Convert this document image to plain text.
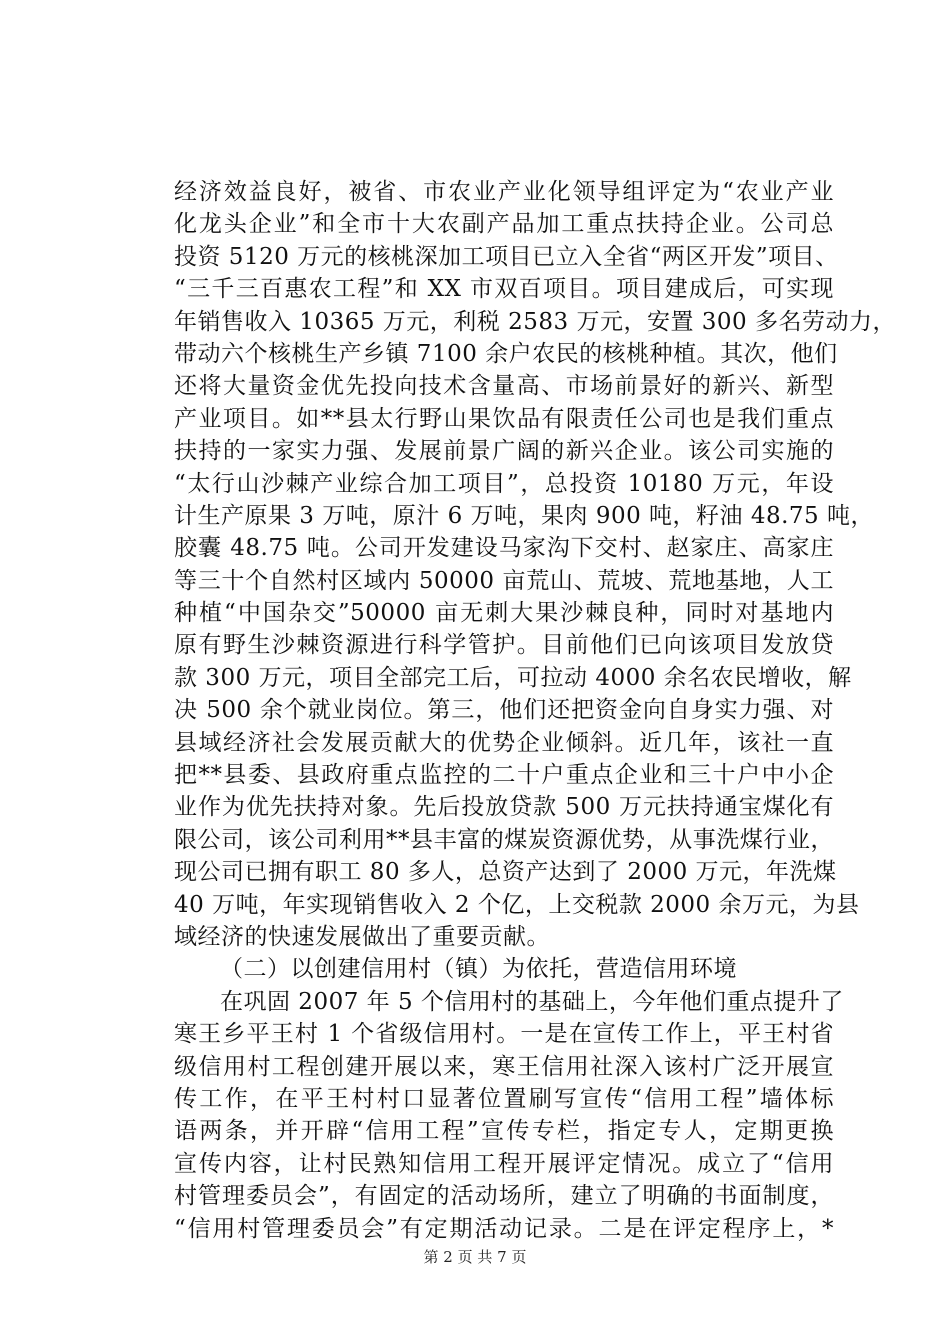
经济效益良好，被省、市农业产业化领导组评定为“农业产业
化龙头企业”和全市十大农副产品加工重点扶持企业。公司总
投资 5120 万元的核桃深加工项目已立入全省“两区开发”项目、
“三千三百惠农工程”和 XX 市双百项目。项目建成后，可实现
年销售收入 10365 万元，利税 2583 万元，安置 300 多名劳动力，
带动六个核桃生产乡镇 7100 余户农民的核桃种植。其次，他们
还将大量资金优先投向技术含量高、市场前景好的新兴、新型
产业项目。如**县太行野山果饮品有限责任公司也是我们重点
扶持的一家实力强、发展前景广阔的新兴企业。该公司实施的
“太行山沙棘产业综合加工项目”，总投资 10180 万元，年设
计生产原果 3 万吨，原汁 6 万吨，果肉 900 吨，籽油 48.75 吨，
胶囊 48.75 吨。公司开发建设马家沟下交村、赵家庄、高家庄
等三十个自然村区域内 50000 亩荒山、荒坡、荒地基地，人工
种植“中国杂交”50000 亩无刺大果沙棘良种，同时对基地内
原有野生沙棘资源进行科学管护。目前他们已向该项目发放贷
款 300 万元，项目全部完工后，可拉动 4000 余名农民增收，解
决 500 余个就业岗位。第三，他们还把资金向自身实力强、对
县域经济社会发展贡献大的优势企业倾斜。近几年，该社一直
把**县委、县政府重点监控的二十户重点企业和三十户中小企
业作为优先扶持对象。先后投放贷款 500 万元扶持通宝煤化有
限公司，该公司利用**县丰富的煤炭资源优势，从事洗煤行业，
现公司已拥有职工 80 多人，总资产达到了 2000 万元，年洗煤
40 万吨，年实现销售收入 2 个亿，上交税款 2000 余万元，为县
域经济的快速发展做出了重要贡献。
（二）以创建信用村（镇）为依托，营造信用环境
在巩固 2007 年 5 个信用村的基础上，今年他们重点提升了
寒王乡平王村 1 个省级信用村。一是在宣传工作上，平王村省
级信用村工程创建开展以来，寒王信用社深入该村广泛开展宣
传工作，在平王村村口显著位置刷写宣传“信用工程”墙体标
语两条，并开辟“信用工程”宣传专栏，指定专人，定期更换
宣传内容，让村民熟知信用工程开展评定情况。成立了“信用
村管理委员会”，有固定的活动场所，建立了明确的书面制度，
“信用村管理委员会”有定期活动记录。二是在评定程序上，*
第 2 页 共 7 页
